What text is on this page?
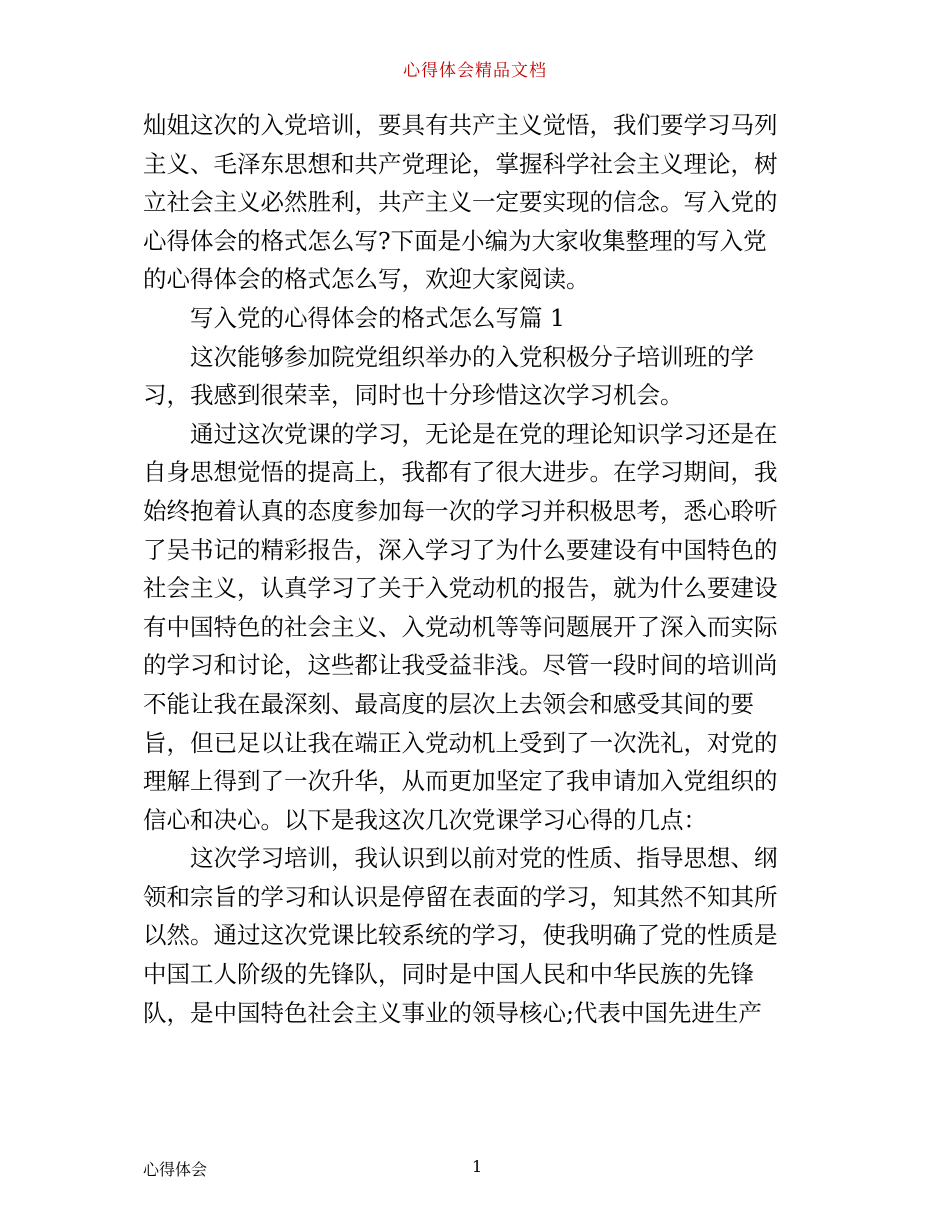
心得体会精品文档

灿姐这次的入党培训，要具有共产主义觉悟，我们要学习马列
主义、毛泽东思想和共产党理论，掌握科学社会主义理论，树
立社会主义必然胜利，共产主义一定要实现的信念。写入党的
心得体会的格式怎么写?下面是小编为大家收集整理的写入党
的心得体会的格式怎么写，欢迎大家阅读。

写入党的心得体会的格式怎么写篇 1

这次能够参加院党组织举办的入党积极分子培训班的学
习，我感到很荣幸，同时也十分珍惜这次学习机会。

通过这次党课的学习，无论是在党的理论知识学习还是在
自身思想觉悟的提高上，我都有了很大进步。在学习期间，我
始终抱着认真的态度参加每一次的学习并积极思考，悉心聆听
了吴书记的精彩报告，深入学习了为什么要建设有中国特色的
社会主义，认真学习了关于入党动机的报告，就为什么要建设
有中国特色的社会主义、入党动机等等问题展开了深入而实际
的学习和讨论，这些都让我受益非浅。尽管一段时间的培训尚
不能让我在最深刻、最高度的层次上去领会和感受其间的要
旨，但已足以让我在端正入党动机上受到了一次洗礼，对党的
理解上得到了一次升华，从而更加坚定了我申请加入党组织的
信心和决心。以下是我这次几次党课学习心得的几点：

这次学习培训，我认识到以前对党的性质、指导思想、纲
领和宗旨的学习和认识是停留在表面的学习，知其然不知其所
以然。通过这次党课比较系统的学习，使我明确了党的性质是
中国工人阶级的先锋队，同时是中国人民和中华民族的先锋
队，是中国特色社会主义事业的领导核心;代表中国先进生产

心得体会	1
